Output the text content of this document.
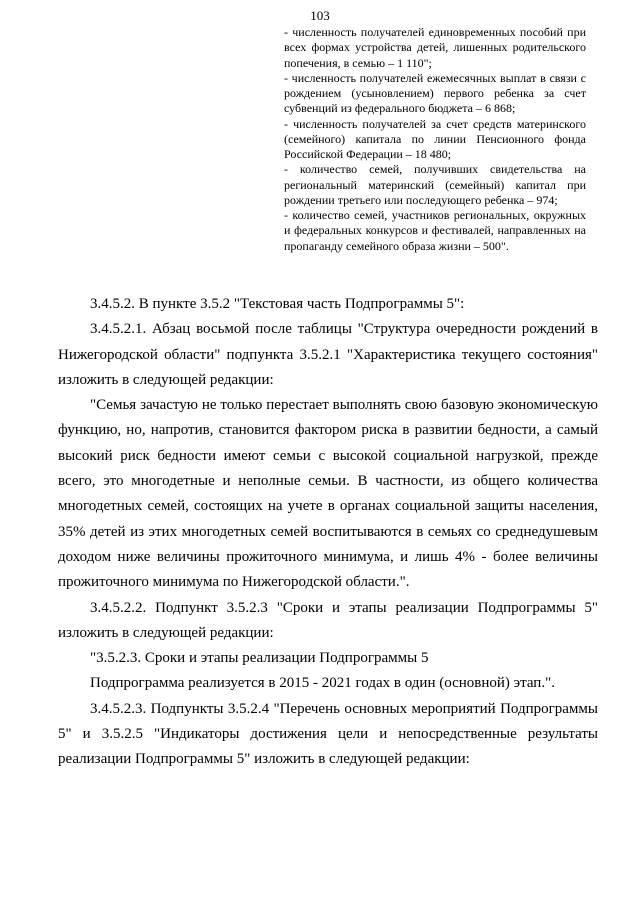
103

- численность получателей единовременных пособий при всех формах устройства детей, лишенных родительского попечения, в семью – 1 110";

- численность получателей ежемесячных выплат в связи с рождением (усыновлением) первого ребенка за счет субвенций из федерального бюджета – 6 868;

- численность получателей за счет средств материнского (семейного) капитала по линии Пенсионного фонда Российской Федерации – 18 480;

- количество семей, получивших свидетельства на региональный материнский (семейный) капитал при рождении третьего или последующего ребенка – 974;

- количество семей, участников региональных, окружных и федеральных конкурсов и фестивалей, направленных на пропаганду семейного образа жизни – 500".

3.4.5.2. В пункте 3.5.2 "Текстовая часть Подпрограммы 5":

3.4.5.2.1. Абзац восьмой после таблицы "Структура очередности рождений в Нижегородской области" подпункта 3.5.2.1 "Характеристика текущего состояния" изложить в следующей редакции:

"Семья зачастую не только перестает выполнять свою базовую экономическую функцию, но, напротив, становится фактором риска в развитии бедности, а самый высокий риск бедности имеют семьи с высокой социальной нагрузкой, прежде всего, это многодетные и неполные семьи. В частности, из общего количества многодетных семей, состоящих на учете в органах социальной защиты населения, 35% детей из этих многодетных семей воспитываются в семьях со среднедушевым доходом ниже величины прожиточного минимума, и лишь 4% - более величины прожиточного минимума по Нижегородской области.".

3.4.5.2.2. Подпункт 3.5.2.3 "Сроки и этапы реализации Подпрограммы 5" изложить в следующей редакции:

"3.5.2.3. Сроки и этапы реализации Подпрограммы 5

Подпрограмма реализуется в 2015 - 2021 годах в один (основной) этап.".

3.4.5.2.3. Подпункты 3.5.2.4 "Перечень основных мероприятий Подпрограммы 5" и 3.5.2.5 "Индикаторы достижения цели и непосредственные результаты реализации Подпрограммы 5" изложить в следующей редакции:
